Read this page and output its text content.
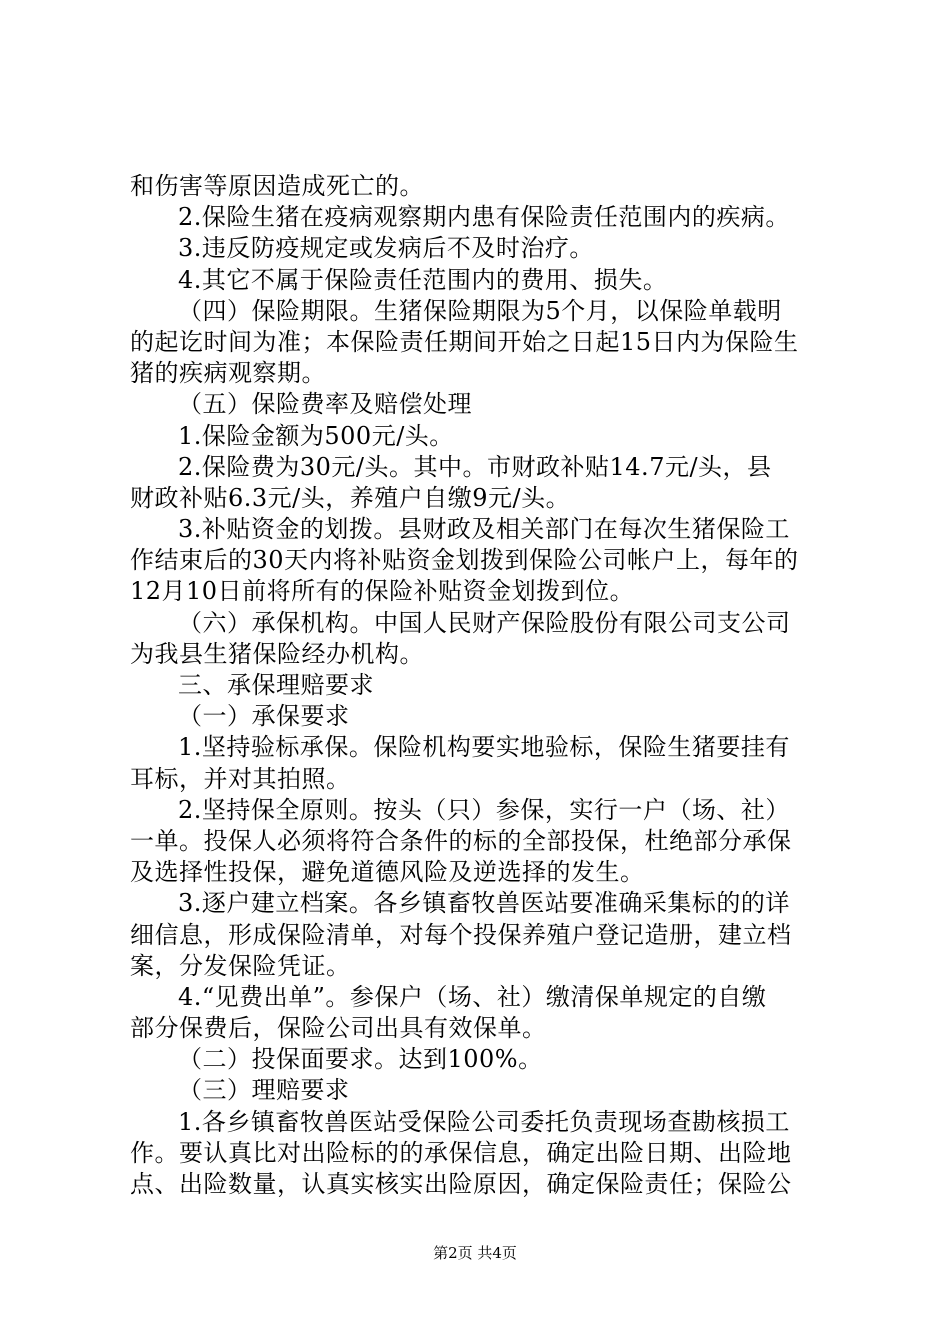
和伤害等原因造成死亡的。
2.保险生猪在疫病观察期内患有保险责任范围内的疾病。
3.违反防疫规定或发病后不及时治疗。
4.其它不属于保险责任范围内的费用、损失。
（四）保险期限。生猪保险期限为5个月，以保险单载明
的起讫时间为准；本保险责任期间开始之日起15日内为保险生
猪的疾病观察期。
（五）保险费率及赔偿处理
1.保险金额为500元/头。
2.保险费为30元/头。其中。市财政补贴14.7元/头，县
财政补贴6.3元/头，养殖户自缴9元/头。
3.补贴资金的划拨。县财政及相关部门在每次生猪保险工
作结束后的30天内将补贴资金划拨到保险公司帐户上，每年的
12月10日前将所有的保险补贴资金划拨到位。
（六）承保机构。中国人民财产保险股份有限公司支公司
为我县生猪保险经办机构。
三、承保理赔要求
（一）承保要求
1.坚持验标承保。保险机构要实地验标，保险生猪要挂有
耳标，并对其拍照。
2.坚持保全原则。按头（只）参保，实行一户（场、社）
一单。投保人必须将符合条件的标的全部投保，杜绝部分承保
及选择性投保，避免道德风险及逆选择的发生。
3.逐户建立档案。各乡镇畜牧兽医站要准确采集标的的详
细信息，形成保险清单，对每个投保养殖户登记造册，建立档
案，分发保险凭证。
4.“见费出单”。参保户（场、社）缴清保单规定的自缴
部分保费后，保险公司出具有效保单。
（二）投保面要求。达到100%。
（三）理赔要求
1.各乡镇畜牧兽医站受保险公司委托负责现场查勘核损工
作。要认真比对出险标的的承保信息，确定出险日期、出险地
点、出险数量，认真实核实出险原因，确定保险责任；保险公
第2页 共4页
